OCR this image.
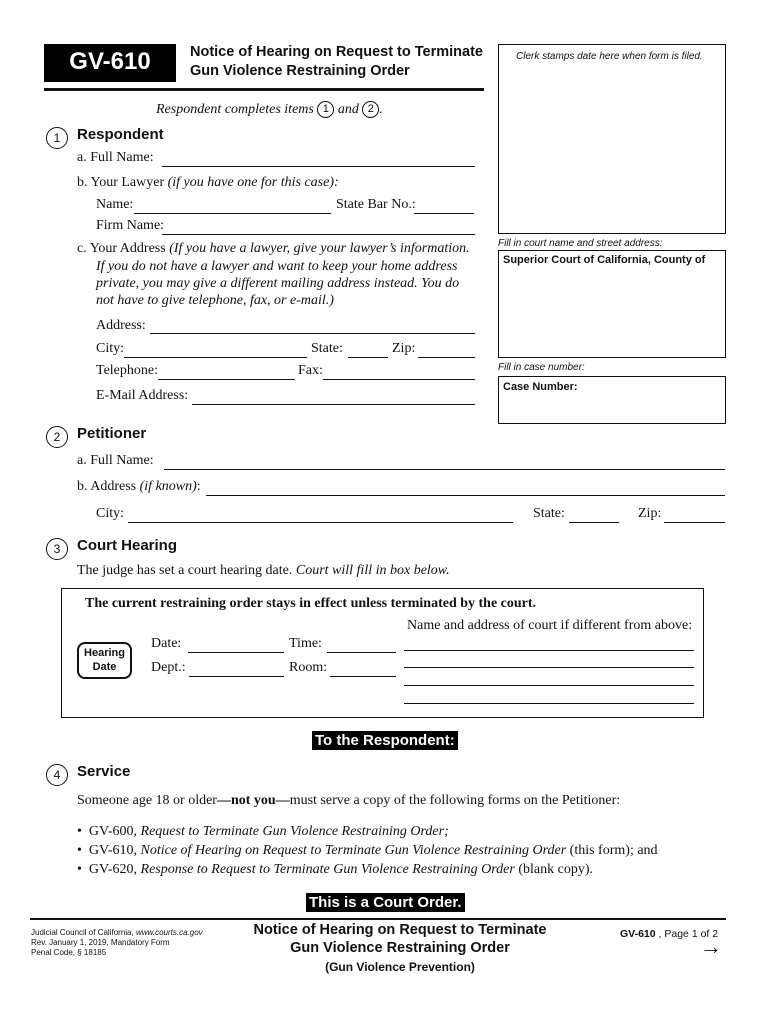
GV-610	Notice of Hearing on Request to Terminate
Gun Violence Restraining Order
Clerk stamps date here when form is filed.
Fill in court name and street address:
Superior Court of California, County of
Fill in case number:
Case Number:
Respondent completes items 1 and 2 .
1	Respondent
a. Full Name:
b. Your Lawyer (if you have one for this case):
Name:	State Bar No.:
Firm Name:
c. Your Address (If you have a lawyer, give your lawyer’s information.
If you do not have a lawyer and want to keep your home address
private, you may give a different mailing address instead. You do
not have to give telephone, fax, or e-mail.)
Address:
City:	State:	Zip:
Telephone:	Fax:
E-Mail Address:
2	Petitioner
a. Full Name:
b. Address (if known):
City:	State:	Zip:
3	Court Hearing
The judge has set a court hearing date. Court will fill in box below.
The current restraining order stays in effect unless terminated by the court.
Name and address of court if different from above:
Hearing
Date
Date:	Time:
Dept.:	Room:
To the Respondent:
4	Service
Someone age 18 or older—not you—must serve a copy of the following forms on the Petitioner:
•  GV-600, Request to Terminate Gun Violence Restraining Order;
•  GV-610, Notice of Hearing on Request to Terminate Gun Violence Restraining Order (this form); and
•  GV-620, Response to Request to Terminate Gun Violence Restraining Order (blank copy).
This is a Court Order.
Judicial Council of California, www.courts.ca.gov
Rev. January 1, 2019, Mandatory Form
Penal Code, § 18185
Notice of Hearing on Request to Terminate
Gun Violence Restraining Order
(Gun Violence Prevention)
GV-610 , Page 1 of 2
→
